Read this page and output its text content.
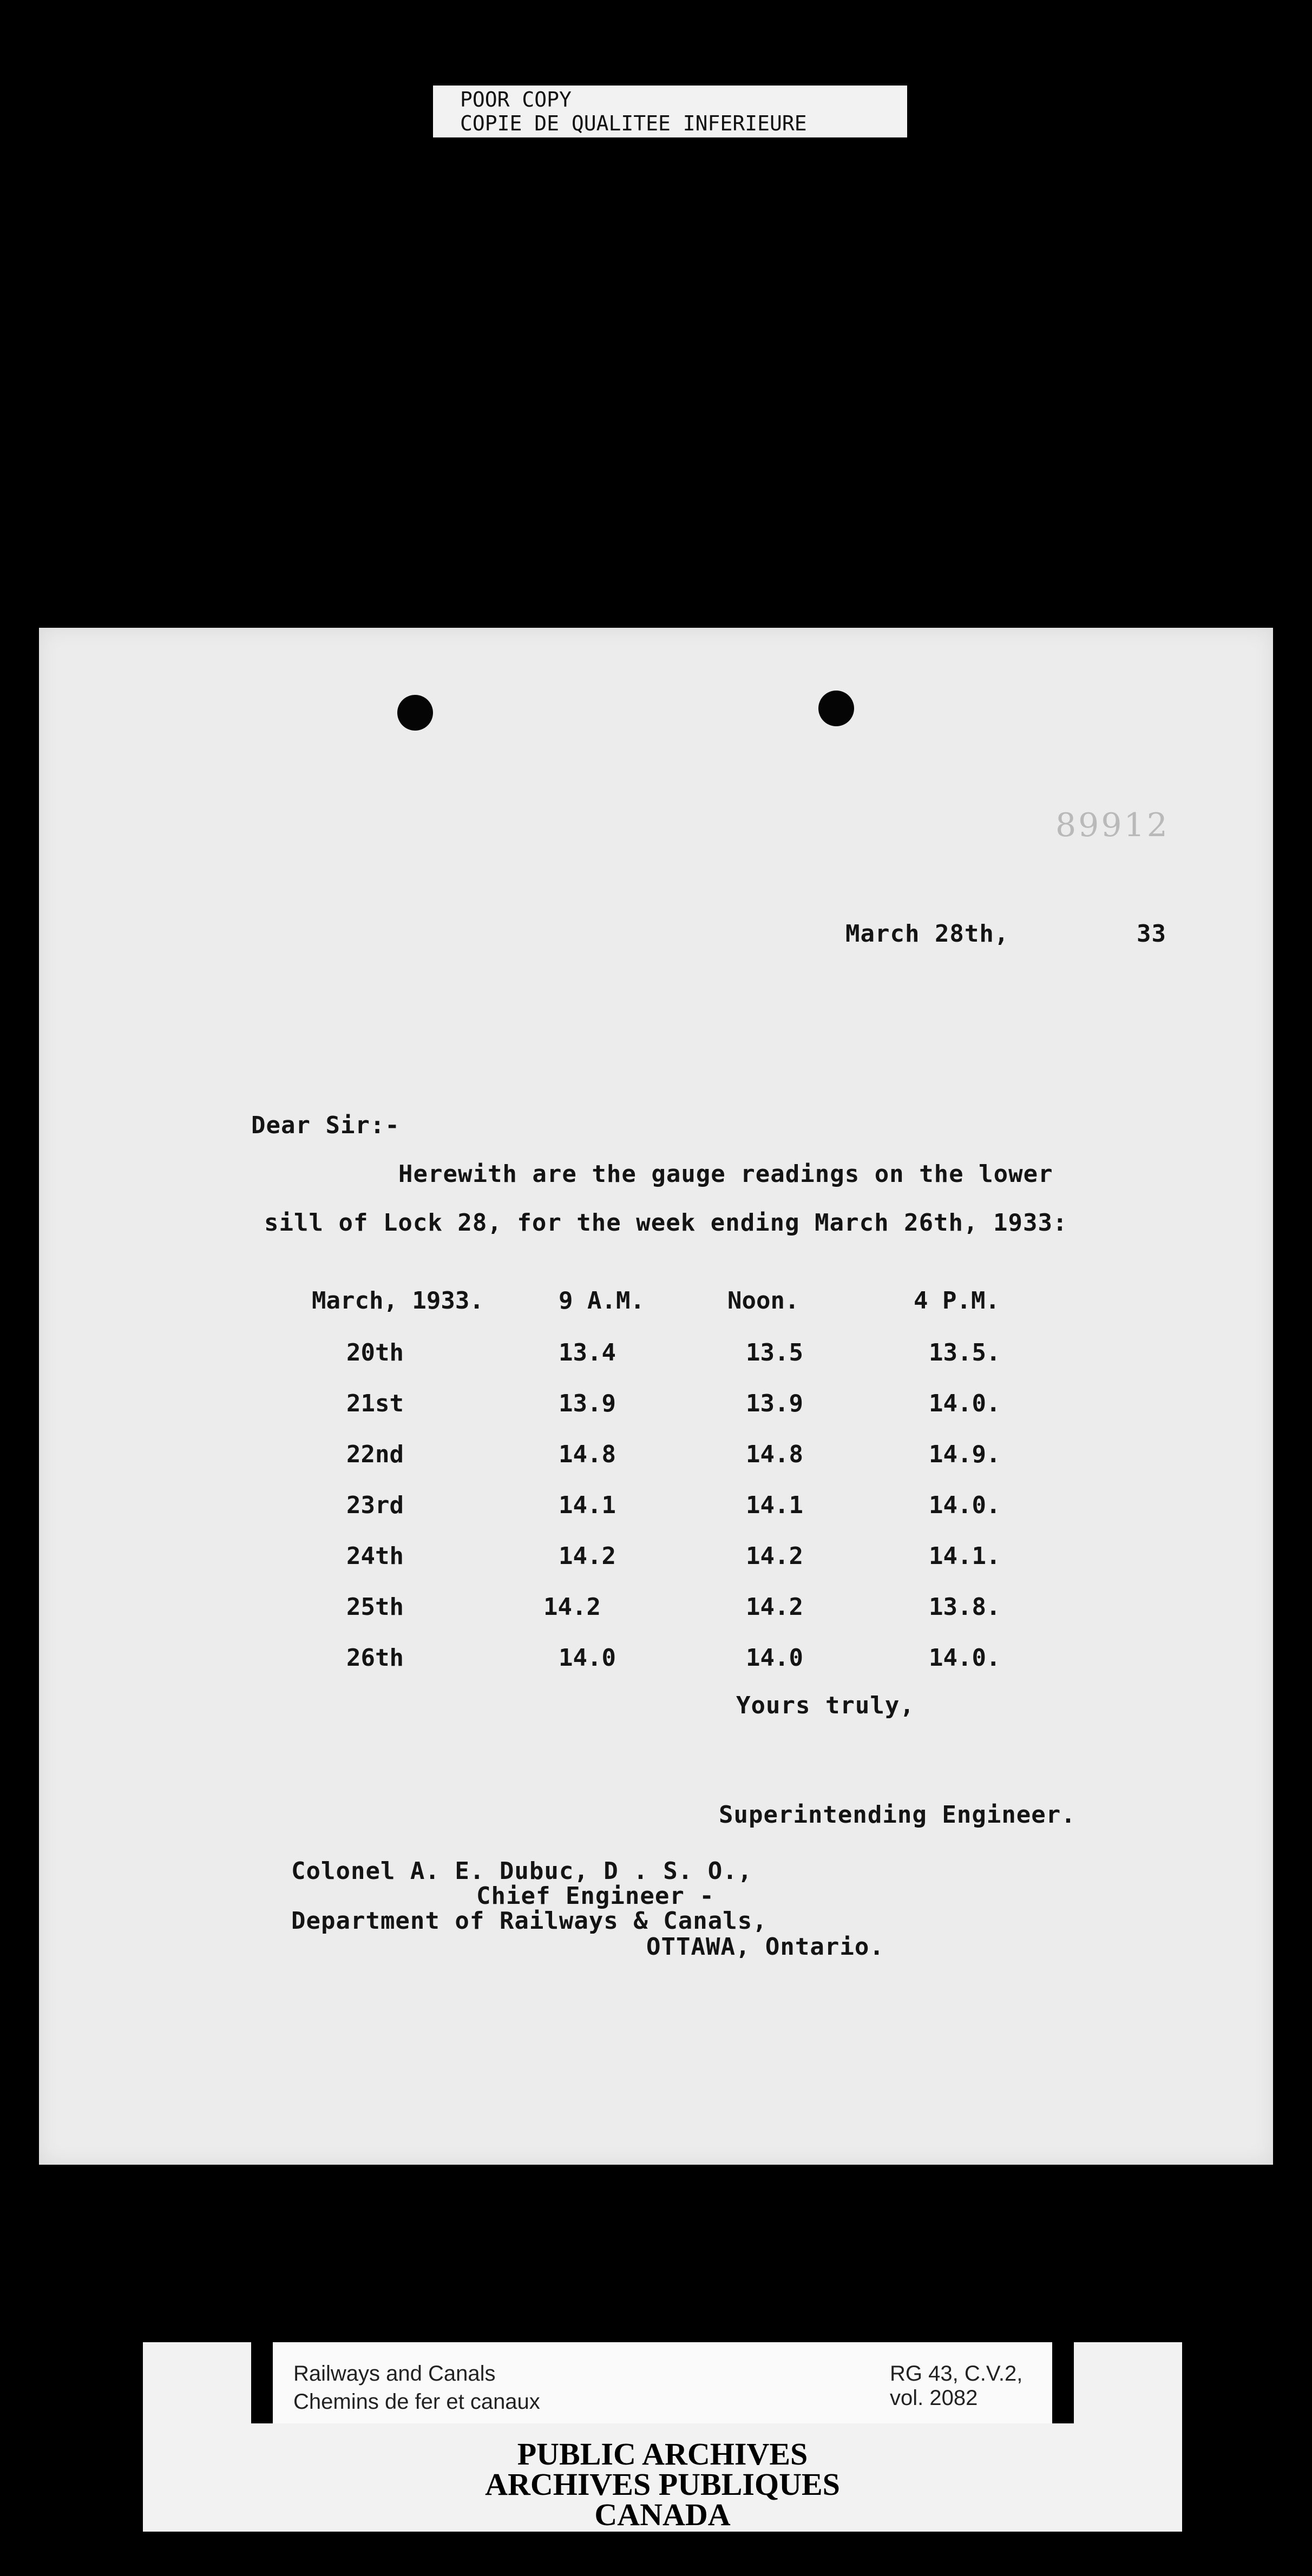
POOR COPY
COPIE DE QUALITEE INFERIEURE
89912
March 28th,	33
Dear Sir:-
Herewith are the gauge readings on the lower
sill of Lock 28, for the week ending March 26th, 1933:
March, 1933.	9 A.M.	Noon.	4 P.M.
20th	13.4	13.5	13.5.
21st	13.9	13.9	14.0.
22nd	14.8	14.8	14.9.
23rd	14.1	14.1	14.0.
24th	14.2	14.2	14.1.
25th	14.2	14.2	13.8.
26th	14.0	14.0	14.0.
Yours truly,
Superintending Engineer.
Colonel A. E. Dubuc, D . S. O.,
Chief Engineer -
Department of Railways & Canals,
OTTAWA, Ontario.
Railways and Canals
Chemins de fer et canaux
RG 43, C.V.2, vol. 2082
PUBLIC ARCHIVES
ARCHIVES PUBLIQUES
CANADA
